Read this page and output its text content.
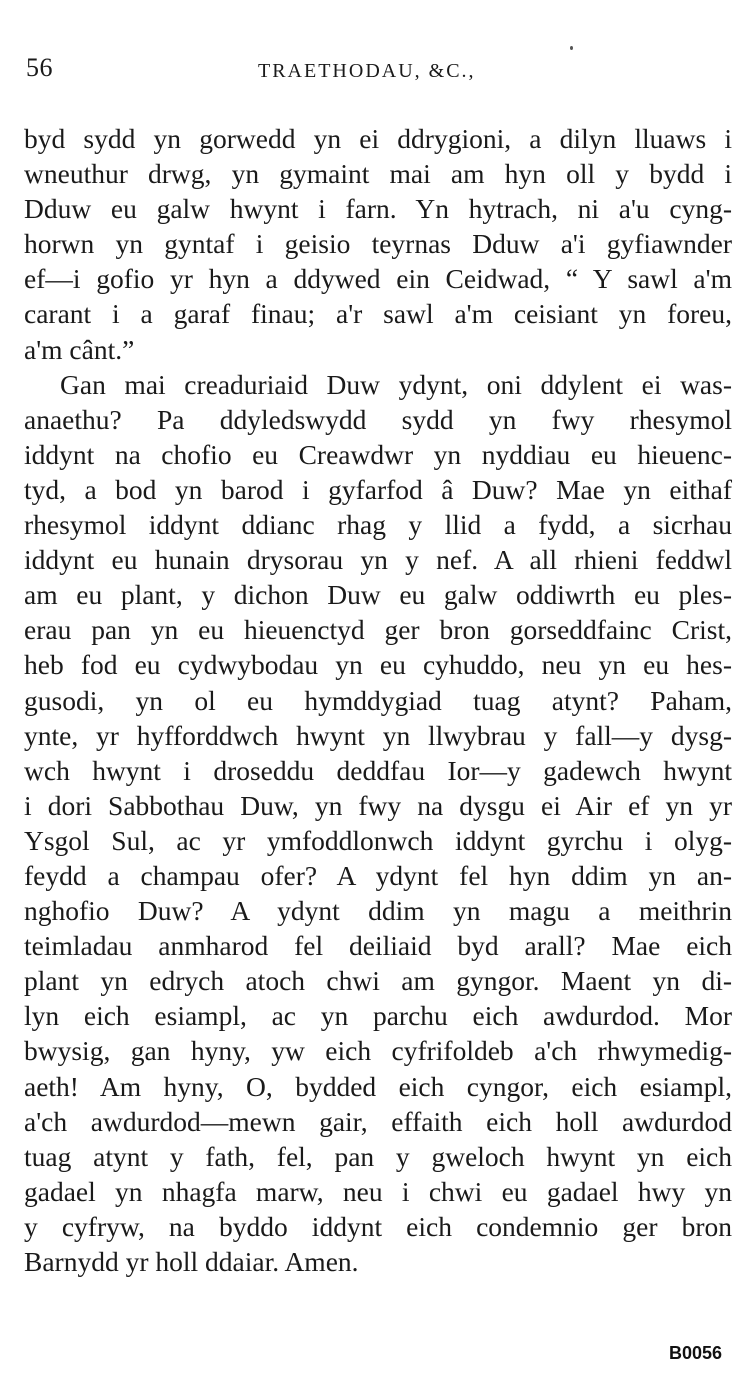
56	TRAETHODAU, &C.,
byd sydd yn gorwedd yn ei ddrygioni, a dilyn lluaws i
wneuthur drwg, yn gymaint mai am hyn oll y bydd i
Dduw eu galw hwynt i farn. Yn hytrach, ni a'u cyng-
horwn yn gyntaf i geisio teyrnas Dduw a'i gyfiawnder
ef—i gofio yr hyn a ddywed ein Ceidwad, “ Y sawl a'm
carant i a garaf finau; a'r sawl a'm ceisiant yn foreu,
a'm cânt.”
Gan mai creaduriaid Duw ydynt, oni ddylent ei was-
anaethu? Pa ddyledswydd sydd yn fwy rhesymol
iddynt na chofio eu Creawdwr yn nyddiau eu hieuenc-
tyd, a bod yn barod i gyfarfod â Duw? Mae yn eithaf
rhesymol iddynt ddianc rhag y llid a fydd, a sicrhau
iddynt eu hunain drysorau yn y nef. A all rhieni feddwl
am eu plant, y dichon Duw eu galw oddiwrth eu ples-
erau pan yn eu hieuenctyd ger bron gorseddfainc Crist,
heb fod eu cydwybodau yn eu cyhuddo, neu yn eu hes-
gusodi, yn ol eu hymddygiad tuag atynt? Paham,
ynte, yr hyfforddwch hwynt yn llwybrau y fall—y dysg-
wch hwynt i droseddu deddfau Ior—y gadewch hwynt
i dori Sabbothau Duw, yn fwy na dysgu ei Air ef yn yr
Ysgol Sul, ac yr ymfoddlonwch iddynt gyrchu i olyg-
feydd a champau ofer? A ydynt fel hyn ddim yn an-
nghofio Duw? A ydynt ddim yn magu a meithrin
teimladau anmharod fel deiliaid byd arall? Mae eich
plant yn edrych atoch chwi am gyngor. Maent yn di-
lyn eich esiampl, ac yn parchu eich awdurdod. Mor
bwysig, gan hyny, yw eich cyfrifoldeb a'ch rhwymedig-
aeth! Am hyny, O, bydded eich cyngor, eich esiampl,
a'ch awdurdod—mewn gair, effaith eich holl awdurdod
tuag atynt y fath, fel, pan y gweloch hwynt yn eich
gadael yn nhagfa marw, neu i chwi eu gadael hwy yn
y cyfryw, na byddo iddynt eich condemnio ger bron
Barnydd yr holl ddaiar. Amen.
B0056
